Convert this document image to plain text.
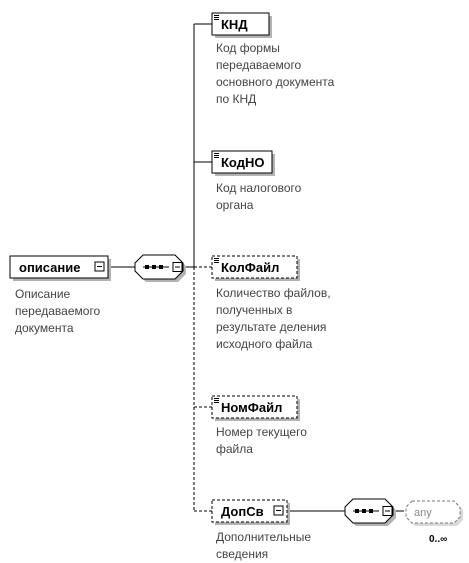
описание
КНД
КодНО
КолФайл
НомФайл
ДопСв	any
0..∞
Описание
передаваемого
документа
Код формы
передаваемого
основного документа
по КНД
Код налогового
органа
Количество файлов,
полученных в
результате деления
исходного файла
Номер текущего
файла
Дополнительные
сведения
